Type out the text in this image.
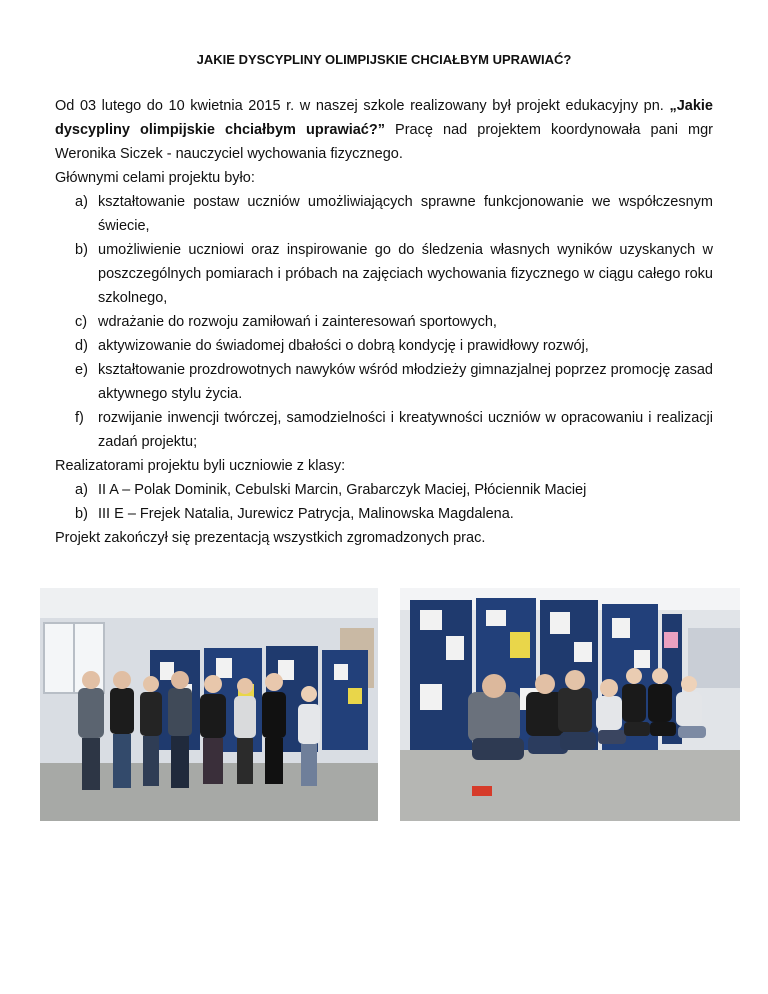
JAKIE DYSCYPLINY OLIMPIJSKIE CHCIAŁBYM UPRAWIAĆ?

Od 03 lutego do 10 kwietnia 2015 r. w naszej szkole realizowany był projekt edukacyjny pn. „Jakie dyscypliny olimpijskie chciałbym uprawiać?” Pracę nad projektem koordynowała pani mgr Weronika Siczek - nauczyciel wychowania fizycznego.

Głównymi celami projektu było:

a) kształtowanie postaw uczniów umożliwiających sprawne funkcjonowanie we współczesnym świecie,
b) umożliwienie uczniowi oraz inspirowanie go do śledzenia własnych wyników uzyskanych w poszczególnych pomiarach i próbach na zajęciach wychowania fizycznego w ciągu całego roku szkolnego,
c) wdrażanie do rozwoju zamiłowań i zainteresowań sportowych,
d) aktywizowanie do świadomej dbałości o dobrą kondycję i prawidłowy rozwój,
e) kształtowanie prozdrowotnych nawyków wśród młodzieży gimnazjalnej poprzez promocję zasad aktywnego stylu życia.
f) rozwijanie inwencji twórczej, samodzielności i kreatywności uczniów w opracowaniu i realizacji zadań projektu;

Realizatorami projektu byli uczniowie z klasy:

a) II A – Polak Dominik, Cebulski Marcin, Grabarczyk Maciej, Płóciennik Maciej
b) III E – Frejek Natalia, Jurewicz Patrycja, Malinowska Magdalena.

Projekt zakończył się prezentacją wszystkich zgromadzonych prac.
